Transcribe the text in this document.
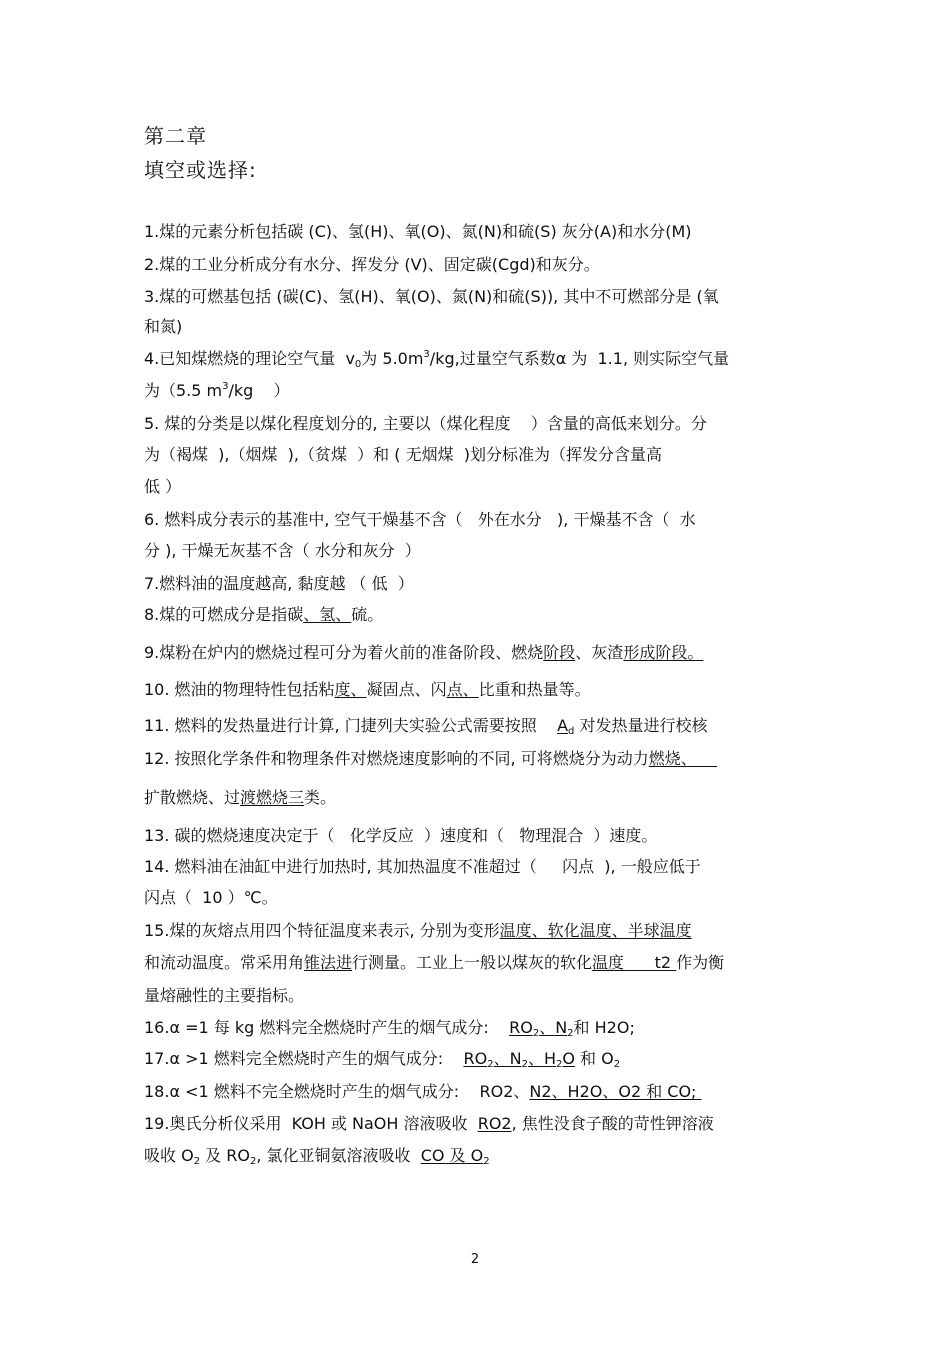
第二章
填空或选择:
1.煤的元素分析包括碳 (C)、氢(H)、氧(O)、氮(N)和硫(S) 灰分(A)和水分(M)
2.煤的工业分析成分有水分、挥发分 (V)、固定碳(Cgd)和灰分。
3.煤的可燃基包括 (碳(C)、氢(H)、氧(O)、氮(N)和硫(S)), 其中不可燃部分是 (氧
和氮)
4.已知煤燃烧的理论空气量  $v_0$为 $5.0m^3/kg$,过量空气系数α 为  1.1, 则实际空气量
为（5.5 $m^3/kg$    ）
5. 煤的分类是以煤化程度划分的, 主要以（煤化程度    ）含量的高低来划分。分
为（褐煤  ),（烟煤  ),（贫煤  ）和 ( 无烟煤  )划分标准为（挥发分含量高
低 ）
6. 燃料成分表示的基准中, 空气干燥基不含（   外在水分   ), 干燥基不含（  水
分 ), 干燥无灰基不含（ 水分和灰分  ）
7.燃料油的温度越高, 黏度越 （ 低  ）
8.煤的可燃成分是指碳、氢、硫。
9.煤粉在炉内的燃烧过程可分为着火前的准备阶段、燃烧阶段、灰渣形成阶段。
10. 燃油的物理特性包括粘度、凝固点、闪点、比重和热量等。
11. 燃料的发热量进行计算, 门捷列夫实验公式需要按照    $A_d$ 对发热量进行校核
12. 按照化学条件和物理条件对燃烧速度影响的不同, 可将燃烧分为动力燃烧、
扩散燃烧、过渡燃烧三类。
13. 碳的燃烧速度决定于（   化学反应  ）速度和（   物理混合  ）速度。
14. 燃料油在油缸中进行加热时, 其加热温度不准超过（     闪点  ), 一般应低于
闪点（  10 ）℃。
15.煤的灰熔点用四个特征温度来表示, 分别为变形温度、软化温度、半球温度
和流动温度。常采用角锥法进行测量。工业上一般以煤灰的软化温度      t2 作为衡
量熔融性的主要指标。
16.α =1 每 kg 燃料完全燃烧时产生的烟气成分:    $RO_2$、$N_2$和 H2O;
17.α >1 燃料完全燃烧时产生的烟气成分:    $RO_2$、$N_2$、$H_2O$ 和 $O_2$
18.α <1 燃料不完全燃烧时产生的烟气成分:    RO2、N2、H2O、O2 和 CO;
19.奥氏分析仪采用  KOH 或 NaOH 溶液吸收  RO2, 焦性没食子酸的苛性钾溶液
吸收 $O_2$ 及 $RO_2$, 氯化亚铜氨溶液吸收  CO 及 $O_2$
2
